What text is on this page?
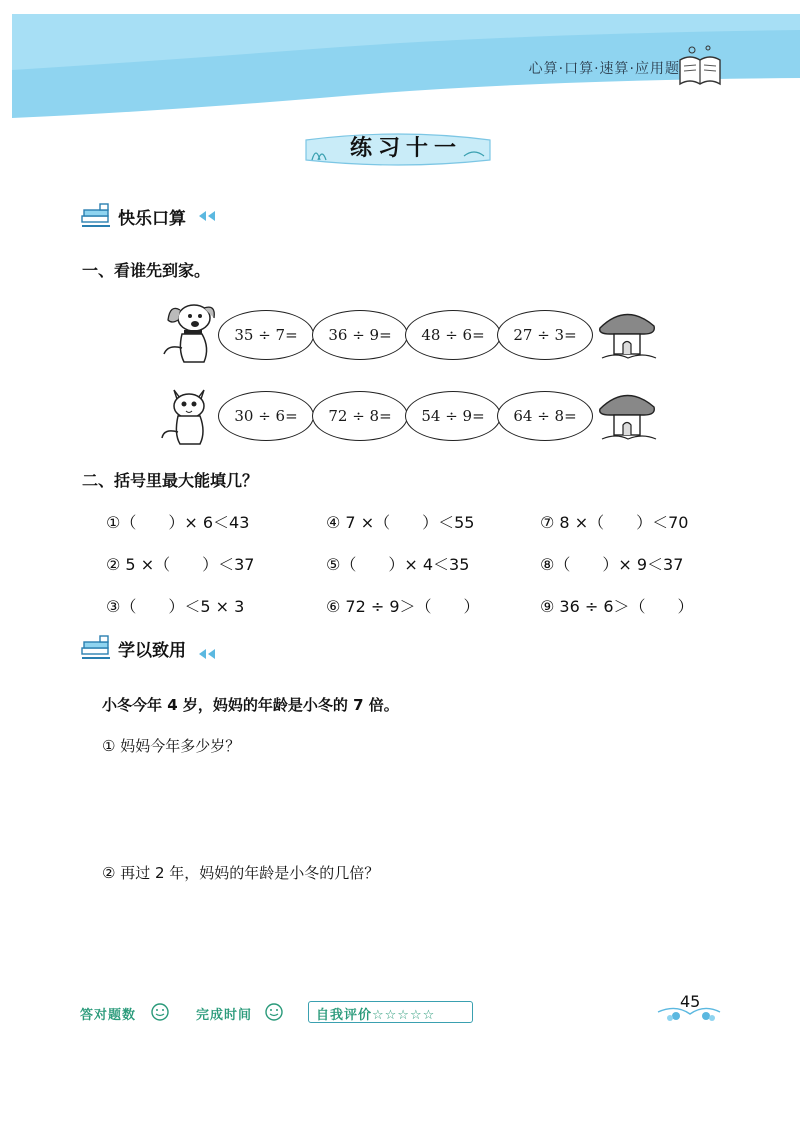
心算·口算·速算·应用题
练习十一
快乐口算
一、看谁先到家。
35 ÷ 7=	36 ÷ 9=	48 ÷ 6=	27 ÷ 3=
30 ÷ 6=	72 ÷ 8=	54 ÷ 9=	64 ÷ 8=
二、括号里最大能填几？
①（　　）× 6＜43	④ 7 ×（　　）＜55	⑦ 8 ×（　　）＜70
② 5 ×（　　）＜37	⑤（　　）× 4＜35	⑧（　　）× 9＜37
③（　　）＜5 × 3	⑥ 72 ÷ 9＞（　　）	⑨ 36 ÷ 6＞（　　）
学以致用
小冬今年 4 岁，妈妈的年龄是小冬的 7 倍。
① 妈妈今年多少岁？
② 再过 2 年，妈妈的年龄是小冬的几倍？
答对题数	完成时间	自我评价☆☆☆☆☆
45
